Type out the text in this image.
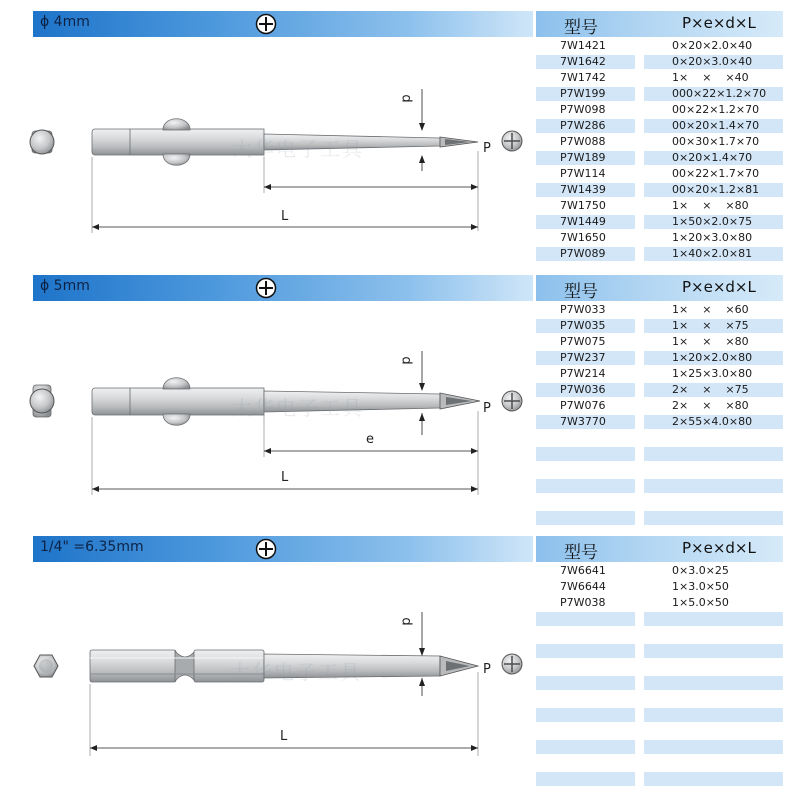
ϕ 4mm	型号	P×e×d×L
7W1421	0×20×2.0×40
7W1642	0×20×3.0×40
7W1742	1×    ×    ×40
P7W199	000×22×1.2×70
P7W098	00×22×1.2×70
P7W286	00×20×1.4×70
P7W088	00×30×1.7×70
P7W189	0×20×1.4×70
P7W114	00×22×1.7×70
7W1439	00×20×1.2×81
7W1750	1×    ×    ×80
7W1449	1×50×2.0×75
7W1650	1×20×3.0×80
P7W089	1×40×2.0×81
d
P
L
大华电子工具
ϕ 5mm	型号	P×e×d×L
P7W033	1×    ×    ×60
P7W035	1×    ×    ×75
P7W075	1×    ×    ×80
P7W237	1×20×2.0×80
P7W214	1×25×3.0×80
P7W036	2×    ×    ×75
P7W076	2×    ×    ×80
7W3770	2×55×4.0×80
d
P
e
L
大华电子工具
1/4" =6.35mm	型号	P×e×d×L
7W6641	0×3.0×25
7W6644	1×3.0×50
P7W038	1×5.0×50
d
P
L
大华电子工具
